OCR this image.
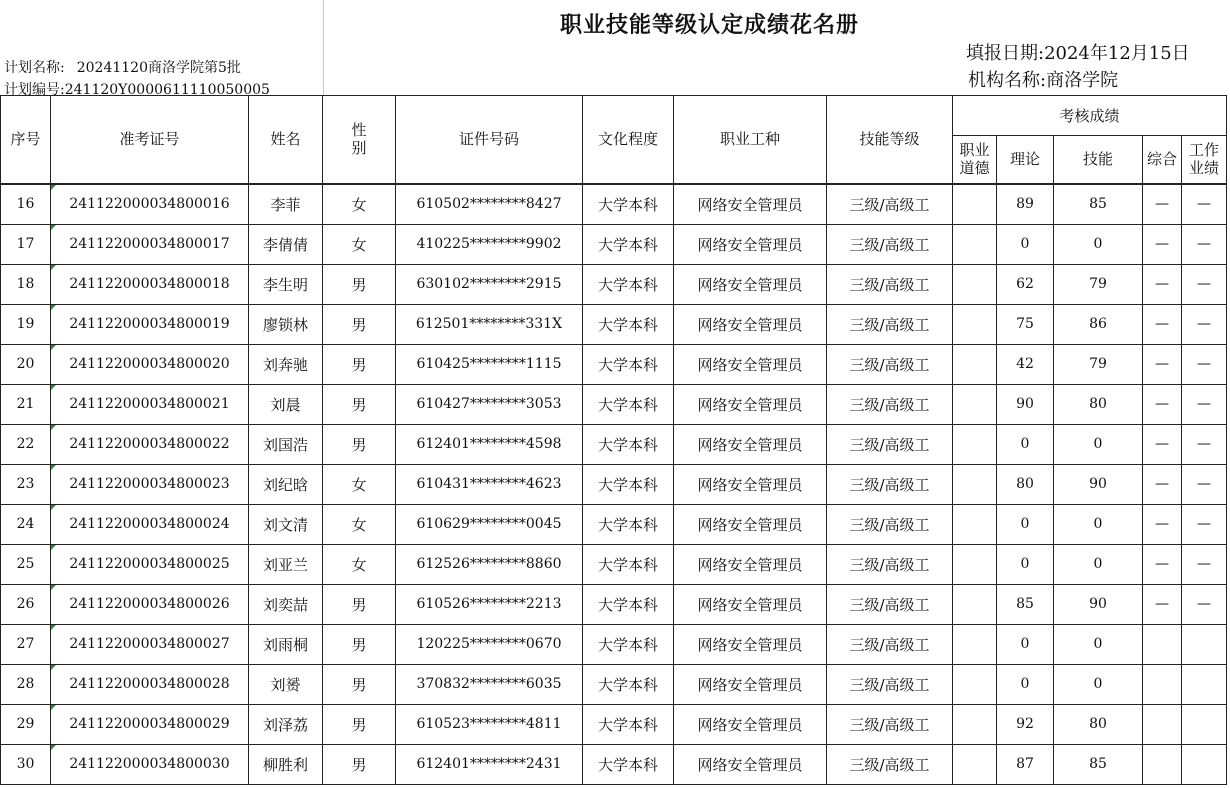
职业技能等级认定成绩花名册
计划名称: 20241120商洛学院第5批
计划编号:241120Y0000611110050005
填报日期:2024年12月15日
机构名称:商洛学院
序号	准考证号	姓名	性别	证件号码	文化程度	职业工种	技能等级	考核成绩				

								职业道德	理论	技能	综合	工作业绩

16	241122000034800016	李菲	女	610502********8427	大学本科	网络安全管理员	三级/高级工		89	85	—	—
17	241122000034800017	李倩倩	女	410225********9902	大学本科	网络安全管理员	三级/高级工		0	0	—	—
18	241122000034800018	李生明	男	630102********2915	大学本科	网络安全管理员	三级/高级工		62	79	—	—
19	241122000034800019	廖锁林	男	612501********331X	大学本科	网络安全管理员	三级/高级工		75	86	—	—
20	241122000034800020	刘奔驰	男	610425********1115	大学本科	网络安全管理员	三级/高级工		42	79	—	—
21	241122000034800021	刘晨	男	610427********3053	大学本科	网络安全管理员	三级/高级工		90	80	—	—
22	241122000034800022	刘国浩	男	612401********4598	大学本科	网络安全管理员	三级/高级工		0	0	—	—
23	241122000034800023	刘纪晗	女	610431********4623	大学本科	网络安全管理员	三级/高级工		80	90	—	—
24	241122000034800024	刘文清	女	610629********0045	大学本科	网络安全管理员	三级/高级工		0	0	—	—
25	241122000034800025	刘亚兰	女	612526********8860	大学本科	网络安全管理员	三级/高级工		0	0	—	—
26	241122000034800026	刘奕喆	男	610526********2213	大学本科	网络安全管理员	三级/高级工		85	90	—	—
27	241122000034800027	刘雨桐	男	120225********0670	大学本科	网络安全管理员	三级/高级工		0	0		
28	241122000034800028	刘赟	男	370832********6035	大学本科	网络安全管理员	三级/高级工		0	0		
29	241122000034800029	刘泽荔	男	610523********4811	大学本科	网络安全管理员	三级/高级工		92	80		
30	241122000034800030	柳胜利	男	612401********2431	大学本科	网络安全管理员	三级/高级工		87	85		
